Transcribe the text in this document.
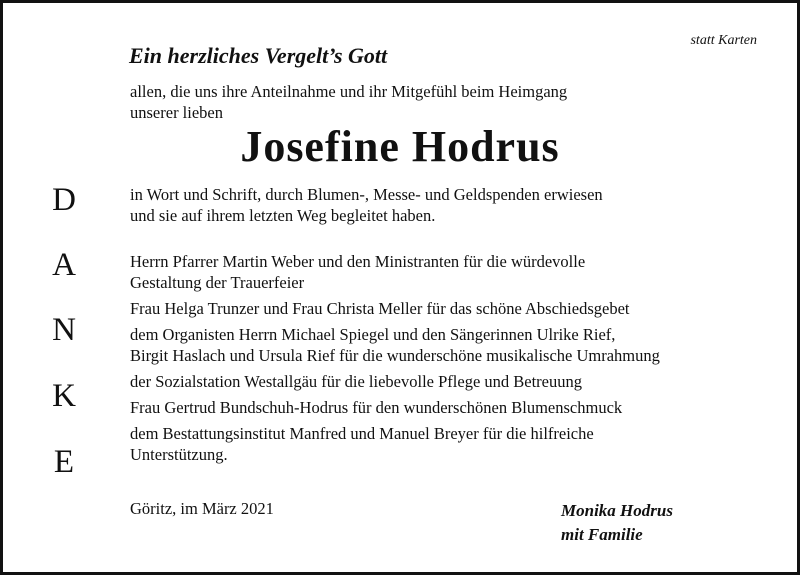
statt Karten
Ein herzliches Vergelt’s Gott
allen, die uns ihre Anteilnahme und ihr Mitgefühl beim Heimgang
unserer lieben
Josefine Hodrus
in Wort und Schrift, durch Blumen-, Messe- und Geldspenden erwiesen
und sie auf ihrem letzten Weg begleitet haben.
D
A
N
K
E
Herrn Pfarrer Martin Weber und den Ministranten für die würdevolle
Gestaltung der Trauerfeier
Frau Helga Trunzer und Frau Christa Meller für das schöne Abschiedsgebet
dem Organisten Herrn Michael Spiegel und den Sängerinnen Ulrike Rief,
Birgit Haslach und Ursula Rief für die wunderschöne musikalische Umrahmung
der Sozialstation Westallgäu für die liebevolle Pflege und Betreuung
Frau Gertrud Bundschuh-Hodrus für den wunderschönen Blumenschmuck
dem Bestattungsinstitut Manfred und Manuel Breyer für die hilfreiche
Unterstützung.
Göritz, im März 2021	Monika Hodrus
mit Familie
